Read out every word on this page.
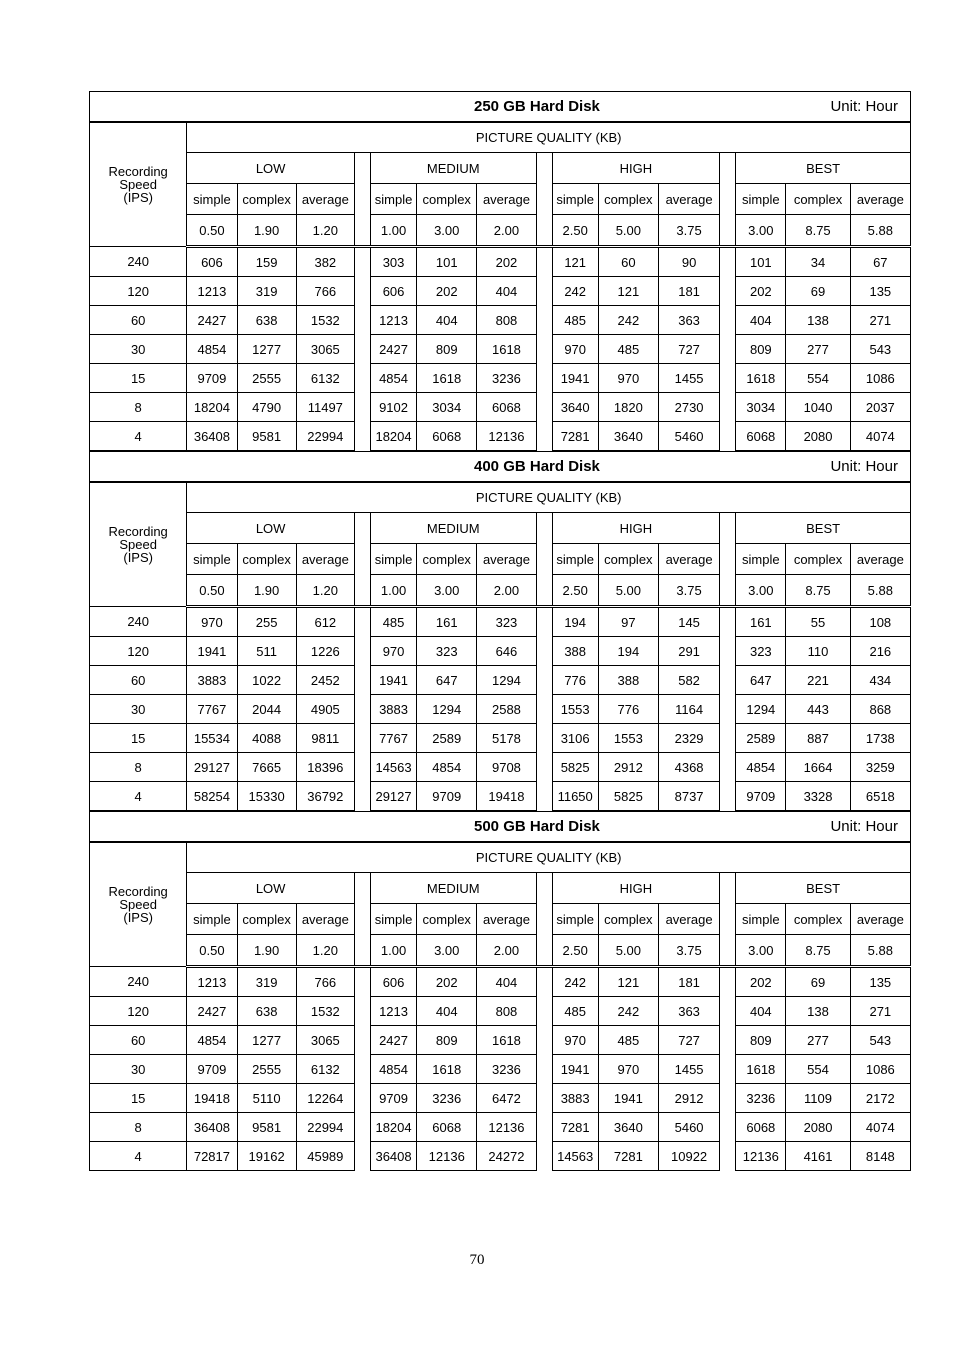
250 GB Hard Disk Unit: Hour															

Recording
Speed
(IPS)	PICTURE QUALITY (KB)														
	LOW				MEDIUM				HIGH				BEST		
	simple	complex	average		simple	complex	average		simple	complex	average		simple	complex	average
	0.50	1.90	1.20		1.00	3.00	2.00		2.50	5.00	3.75		3.00	8.75	5.88
240	606	159	382		303	101	202		121	60	90		101	34	67
120	1213	319	766		606	202	404		242	121	181		202	69	135
60	2427	638	1532		1213	404	808		485	242	363		404	138	271
30	4854	1277	3065		2427	809	1618		970	485	727		809	277	543
15	9709	2555	6132		4854	1618	3236		1941	970	1455		1618	554	1086
8	18204	4790	11497		9102	3034	6068		3640	1820	2730		3034	1040	2037
4	36408	9581	22994		18204	6068	12136		7281	3640	5460		6068	2080	4074
400 GB Hard Disk Unit: Hour															

Recording
Speed
(IPS)	PICTURE QUALITY (KB)														
	LOW				MEDIUM				HIGH				BEST		
	simple	complex	average		simple	complex	average		simple	complex	average		simple	complex	average
	0.50	1.90	1.20		1.00	3.00	2.00		2.50	5.00	3.75		3.00	8.75	5.88
240	970	255	612		485	161	323		194	97	145		161	55	108
120	1941	511	1226		970	323	646		388	194	291		323	110	216
60	3883	1022	2452		1941	647	1294		776	388	582		647	221	434
30	7767	2044	4905		3883	1294	2588		1553	776	1164		1294	443	868
15	15534	4088	9811		7767	2589	5178		3106	1553	2329		2589	887	1738
8	29127	7665	18396		14563	4854	9708		5825	2912	4368		4854	1664	3259
4	58254	15330	36792		29127	9709	19418		11650	5825	8737		9709	3328	6518
500 GB Hard Disk Unit: Hour															

Recording
Speed
(IPS)	PICTURE QUALITY (KB)														
	LOW				MEDIUM				HIGH				BEST		
	simple	complex	average		simple	complex	average		simple	complex	average		simple	complex	average
	0.50	1.90	1.20		1.00	3.00	2.00		2.50	5.00	3.75		3.00	8.75	5.88
240	1213	319	766		606	202	404		242	121	181		202	69	135
120	2427	638	1532		1213	404	808		485	242	363		404	138	271
60	4854	1277	3065		2427	809	1618		970	485	727		809	277	543
30	9709	2555	6132		4854	1618	3236		1941	970	1455		1618	554	1086
15	19418	5110	12264		9709	3236	6472		3883	1941	2912		3236	1109	2172
8	36408	9581	22994		18204	6068	12136		7281	3640	5460		6068	2080	4074
4	72817	19162	45989		36408	12136	24272		14563	7281	10922		12136	4161	8148
70
